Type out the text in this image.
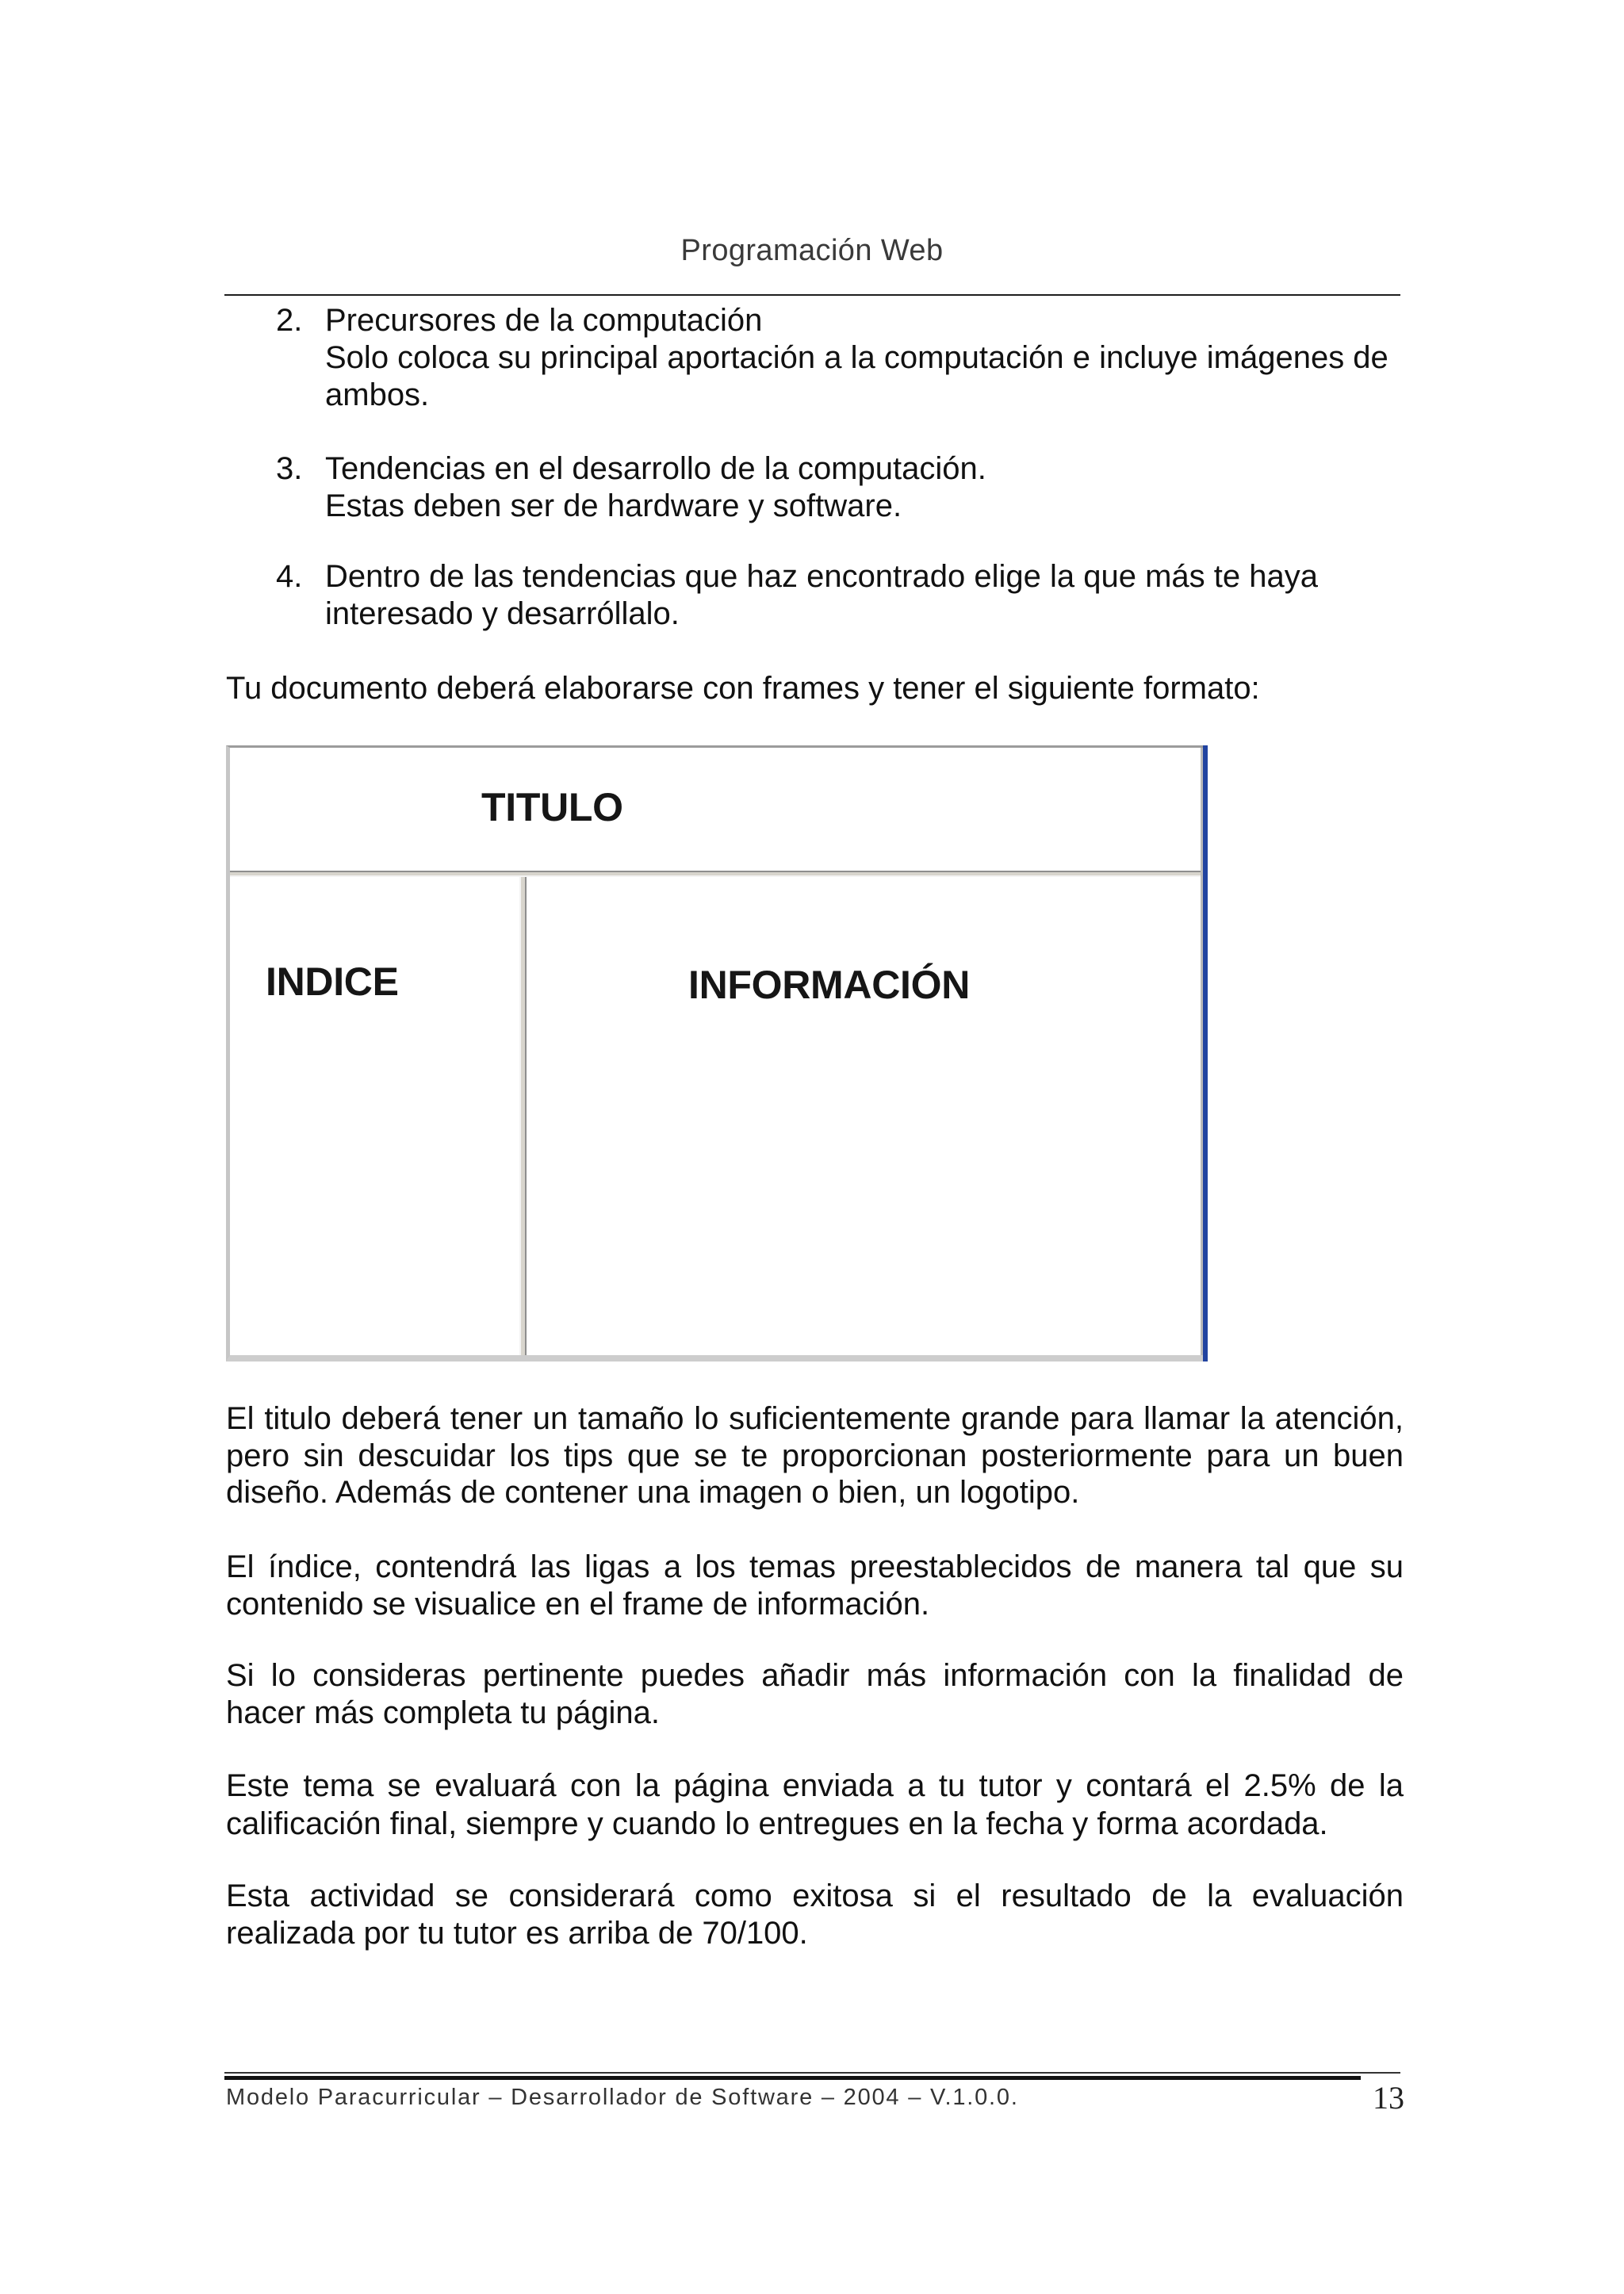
Programación Web
2. Precursores de la computación
Solo coloca su principal aportación a la computación e incluye imágenes de
ambos.
3. Tendencias en el desarrollo de la computación.
Estas deben ser de hardware y software.
4. Dentro de las tendencias que haz encontrado elige la que más te haya
interesado y desarróllalo.
Tu documento deberá elaborarse con frames y tener el siguiente formato:
TITULO
INDICE	INFORMACIÓN
El titulo deberá tener un tamaño lo suficientemente grande para llamar la atención,
pero sin descuidar los tips que se te proporcionan posteriormente para un buen
diseño. Además de contener una imagen o bien, un logotipo.
El índice, contendrá las ligas a los temas preestablecidos de manera tal que su
contenido se visualice en el frame de información.
Si lo consideras pertinente puedes añadir más información con la finalidad de
hacer más completa tu página.
Este tema se evaluará con la página enviada a tu tutor y contará el 2.5% de la
calificación final, siempre y cuando lo entregues en la fecha y forma acordada.
Esta actividad se considerará como exitosa si el resultado de la evaluación
realizada por tu tutor es arriba de 70/100.
Modelo Paracurricular – Desarrollador de Software – 2004 – V.1.0.0.	13
